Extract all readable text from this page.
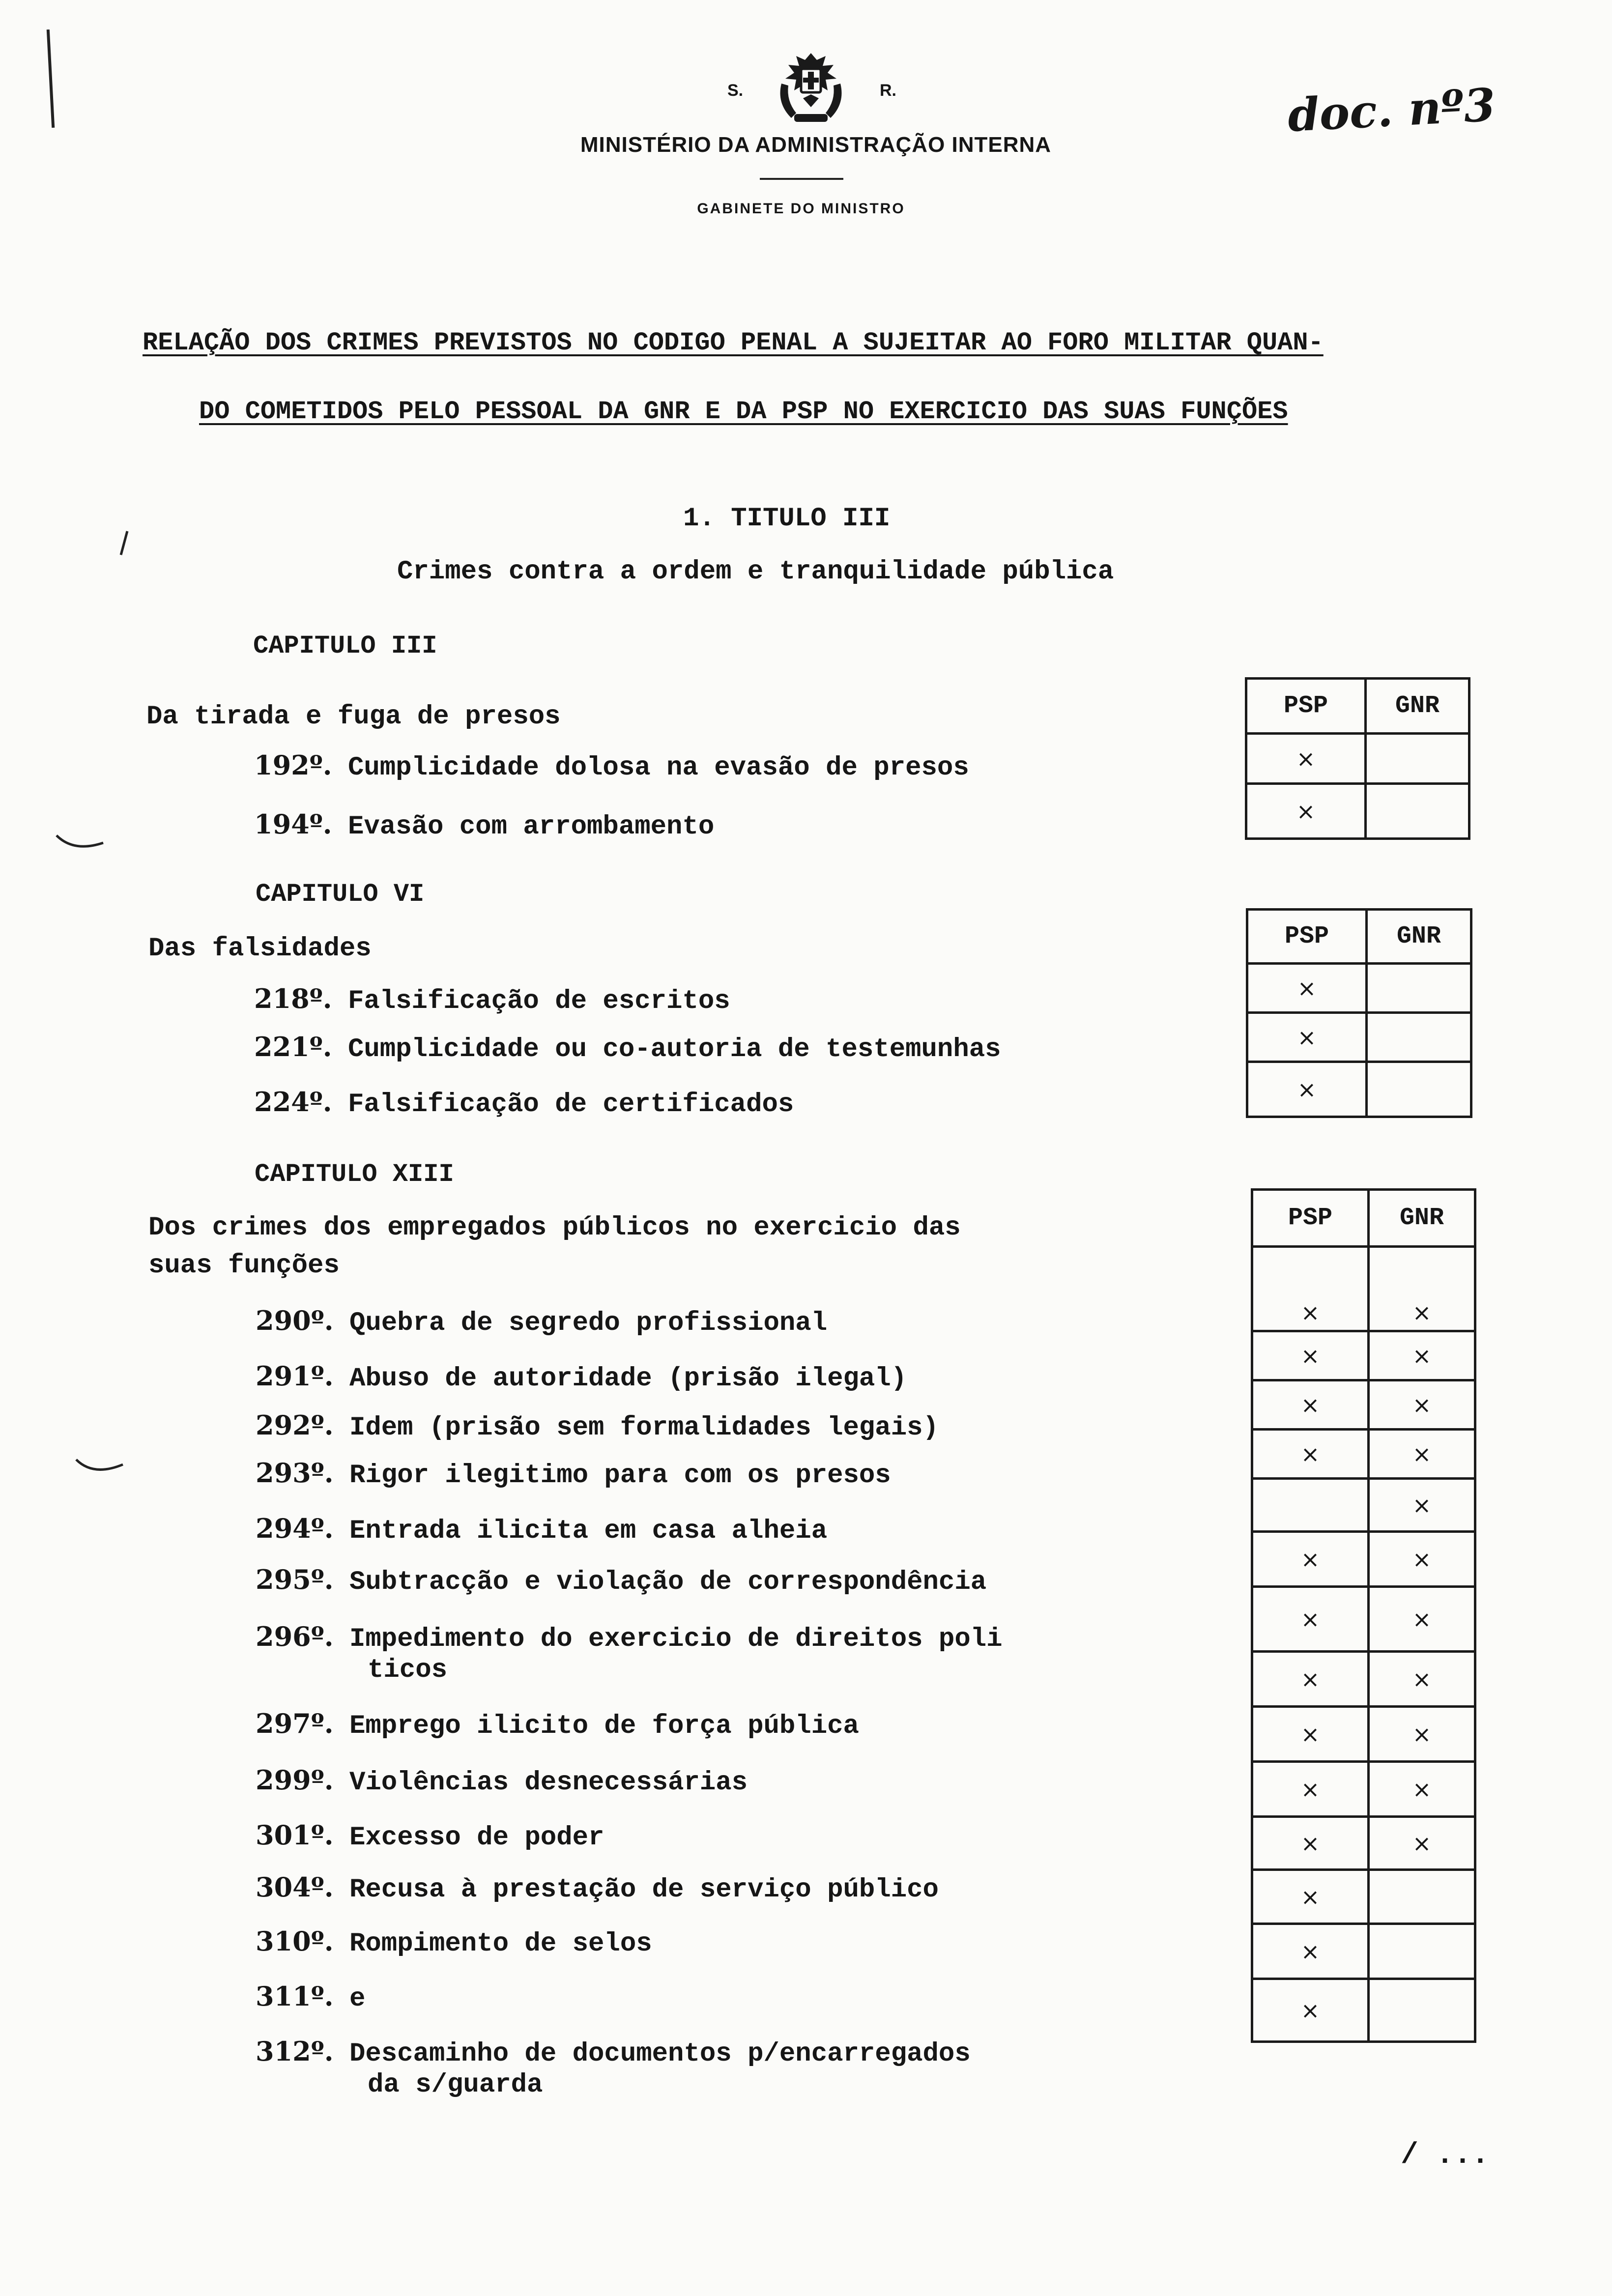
S.	R.
MINISTÉRIO DA ADMINISTRAÇÃO INTERNA
GABINETE DO MINISTRO
doc. nº3
RELAÇÃO DOS CRIMES PREVISTOS NO CODIGO PENAL A SUJEITAR AO FORO MILITAR QUAN-
DO COMETIDOS PELO PESSOAL DA GNR E DA PSP NO EXERCICIO DAS SUAS FUNÇÕES
1. TITULO III
Crimes contra a ordem e tranquilidade pública
CAPITULO III
Da tirada e fuga de presos
192º. Cumplicidade dolosa na evasão de presos
194º. Evasão com arrombamento
PSP	GNR
×	
×	
CAPITULO VI
Das falsidades
218º. Falsificação de escritos
221º. Cumplicidade ou co-autoria de testemunhas
224º. Falsificação de certificados
PSP	GNR
×	
×	
×	
CAPITULO XIII
Dos crimes dos empregados públicos no exercicio das
suas funções
290º. Quebra de segredo profissional
291º. Abuso de autoridade (prisão ilegal)
292º. Idem (prisão sem formalidades legais)
293º. Rigor ilegitimo para com os presos
294º. Entrada ilicita em casa alheia
295º. Subtracção e violação de correspondência
296º. Impedimento do exercicio de direitos poli
ticos
297º. Emprego ilicito de força pública
299º. Violências desnecessárias
301º. Excesso de poder
304º. Recusa à prestação de serviço público
310º. Rompimento de selos
311º. e
312º. Descaminho de documentos p/encarregados
da s/guarda
PSP	GNR
×	×
×	×
×	×
×	×
	×
×	×
×	×
×	×
×	×
×	×
×	×
×	
×	
×	
/ ...
